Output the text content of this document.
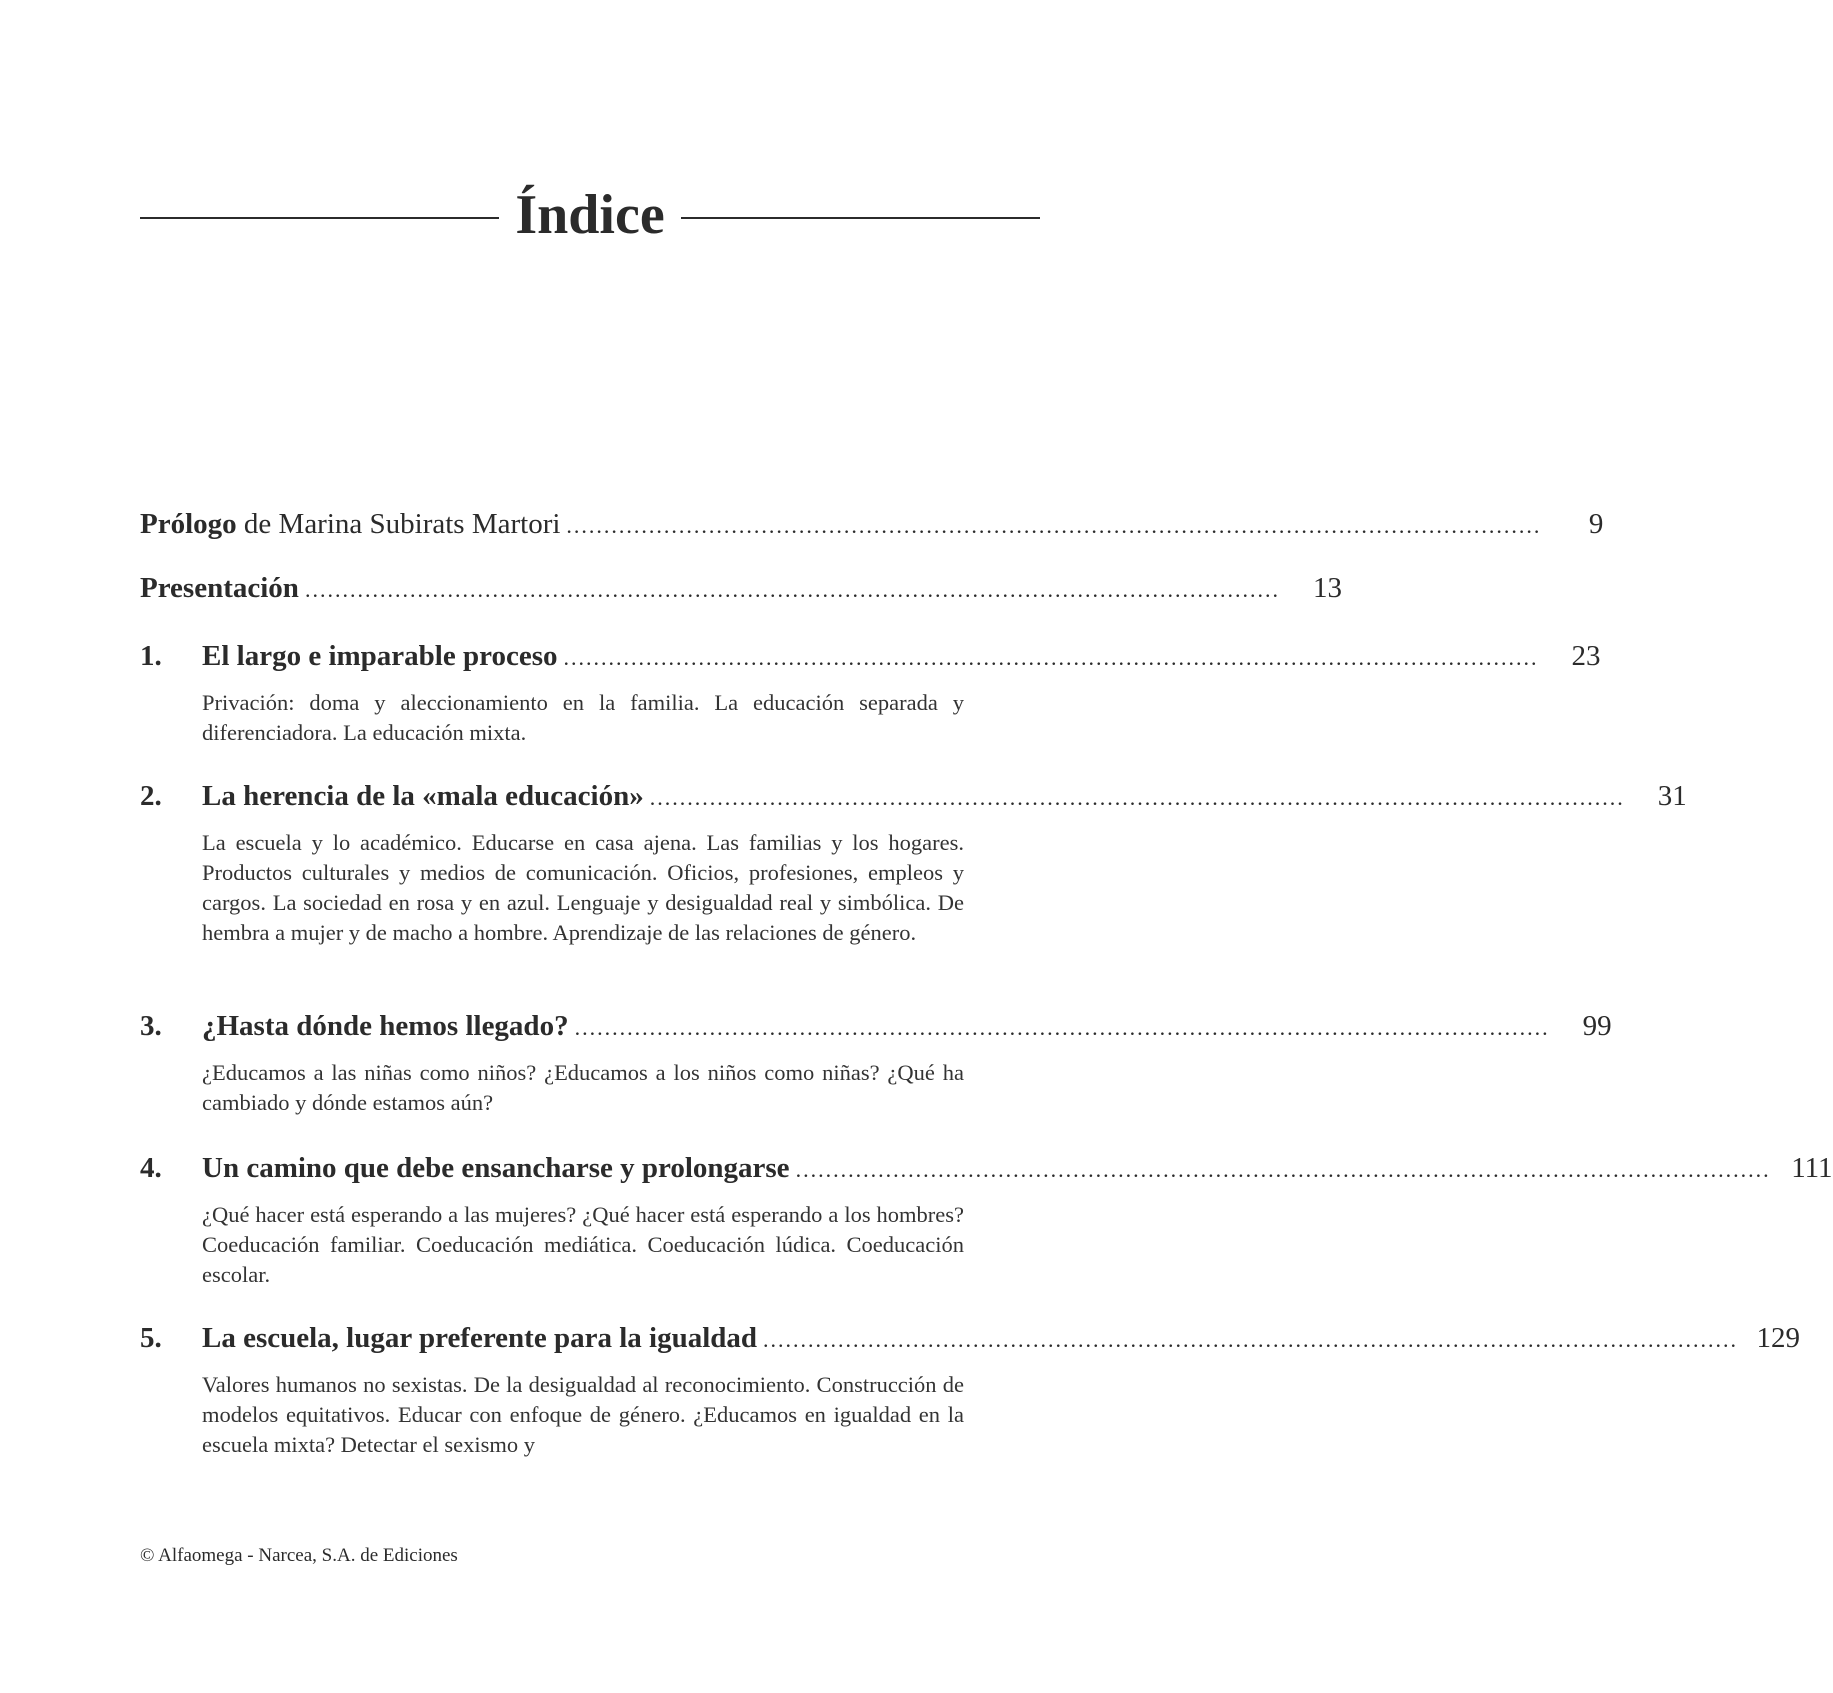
Índice
Prólogo de Marina Subirats Martori ..................................................................................................................................	9
Presentación ..................................................................................................................................	13
1.	El largo e imparable proceso ..................................................................................................................................	23
Privación: doma y aleccionamiento en la familia. La educación separada y diferenciadora. La educación mixta.
2.	La herencia de la «mala educación» ..................................................................................................................................	31
La escuela y lo académico. Educarse en casa ajena. Las familias y los hogares. Productos culturales y medios de comunicación. Oficios, profesiones, empleos y cargos. La sociedad en rosa y en azul. Lenguaje y desigualdad real y simbólica. De hembra a mujer y de macho a hombre. Aprendizaje de las relaciones de género.
3.	¿Hasta dónde hemos llegado? ..................................................................................................................................	99
¿Educamos a las niñas como niños? ¿Educamos a los niños como niñas? ¿Qué ha cambiado y dónde estamos aún?
4.	Un camino que debe ensancharse y prolongarse .................................................................................................................................. 111
¿Qué hacer está esperando a las mujeres? ¿Qué hacer está esperando a los hombres? Coeducación familiar. Coeducación mediática. Coeducación lúdica. Coeducación escolar.
5.	La escuela, lugar preferente para la igualdad .................................................................................................................................. 129
Valores humanos no sexistas. De la desigualdad al reconocimiento. Construcción de modelos equitativos. Educar con enfoque de género. ¿Educamos en igualdad en la escuela mixta? Detectar el sexismo y
© Alfaomega - Narcea, S.A. de Ediciones
